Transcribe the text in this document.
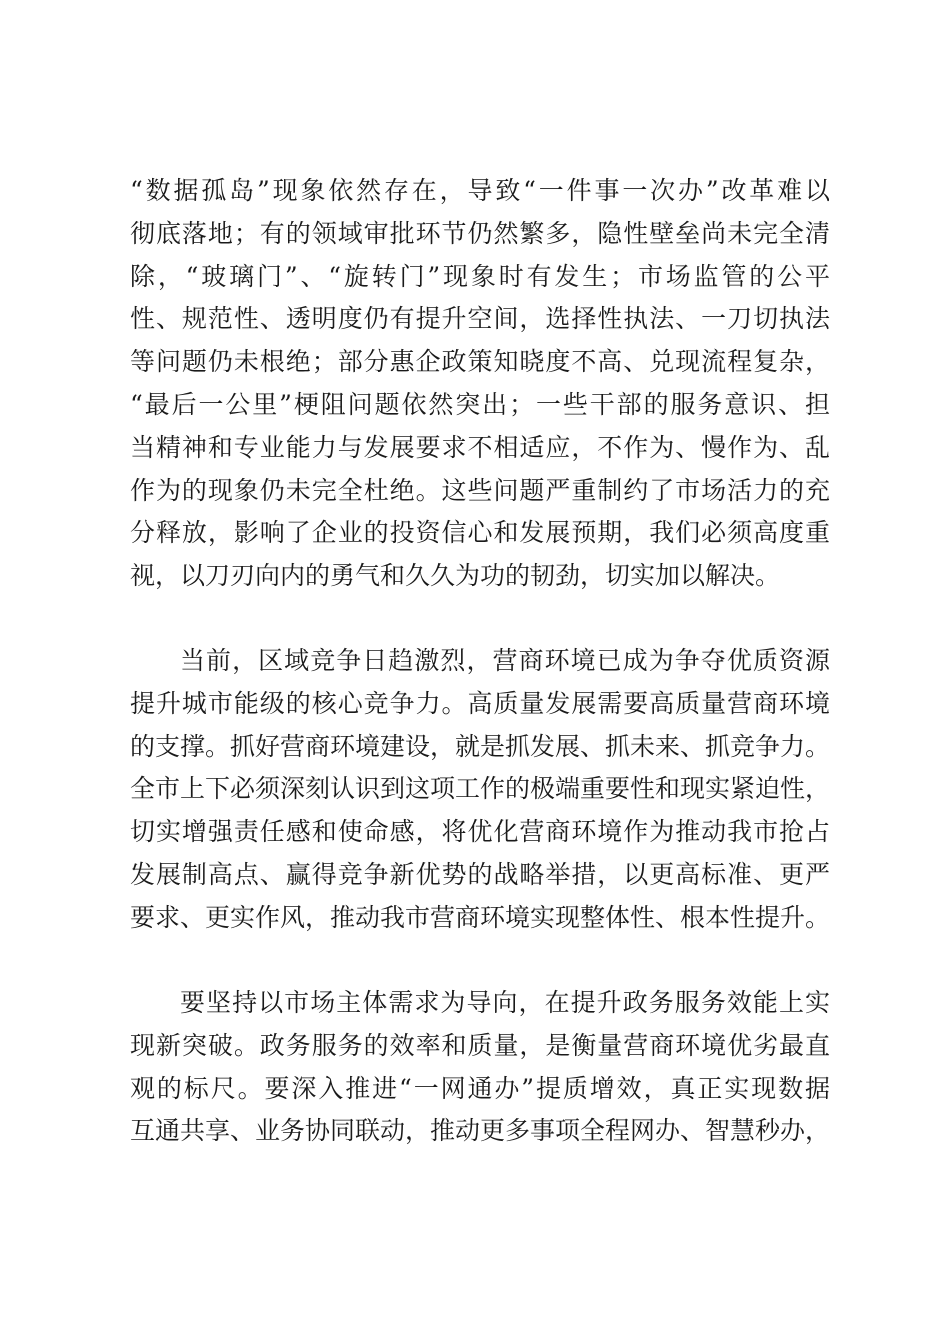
“数据孤岛”现象依然存在，导致“一件事一次办”改革难以
彻底落地；有的领域审批环节仍然繁多，隐性壁垒尚未完全清
除，“玻璃门”、“旋转门”现象时有发生；市场监管的公平
性、规范性、透明度仍有提升空间，选择性执法、一刀切执法
等问题仍未根绝；部分惠企政策知晓度不高、兑现流程复杂，
“最后一公里”梗阻问题依然突出；一些干部的服务意识、担
当精神和专业能力与发展要求不相适应，不作为、慢作为、乱
作为的现象仍未完全杜绝。这些问题严重制约了市场活力的充
分释放，影响了企业的投资信心和发展预期，我们必须高度重
视，以刀刃向内的勇气和久久为功的韧劲，切实加以解决。
当前，区域竞争日趋激烈，营商环境已成为争夺优质资源
提升城市能级的核心竞争力。高质量发展需要高质量营商环境
的支撑。抓好营商环境建设，就是抓发展、抓未来、抓竞争力。
全市上下必须深刻认识到这项工作的极端重要性和现实紧迫性，
切实增强责任感和使命感，将优化营商环境作为推动我市抢占
发展制高点、赢得竞争新优势的战略举措，以更高标准、更严
要求、更实作风，推动我市营商环境实现整体性、根本性提升。
要坚持以市场主体需求为导向，在提升政务服务效能上实
现新突破。政务服务的效率和质量，是衡量营商环境优劣最直
观的标尺。要深入推进“一网通办”提质增效，真正实现数据
互通共享、业务协同联动，推动更多事项全程网办、智慧秒办，
